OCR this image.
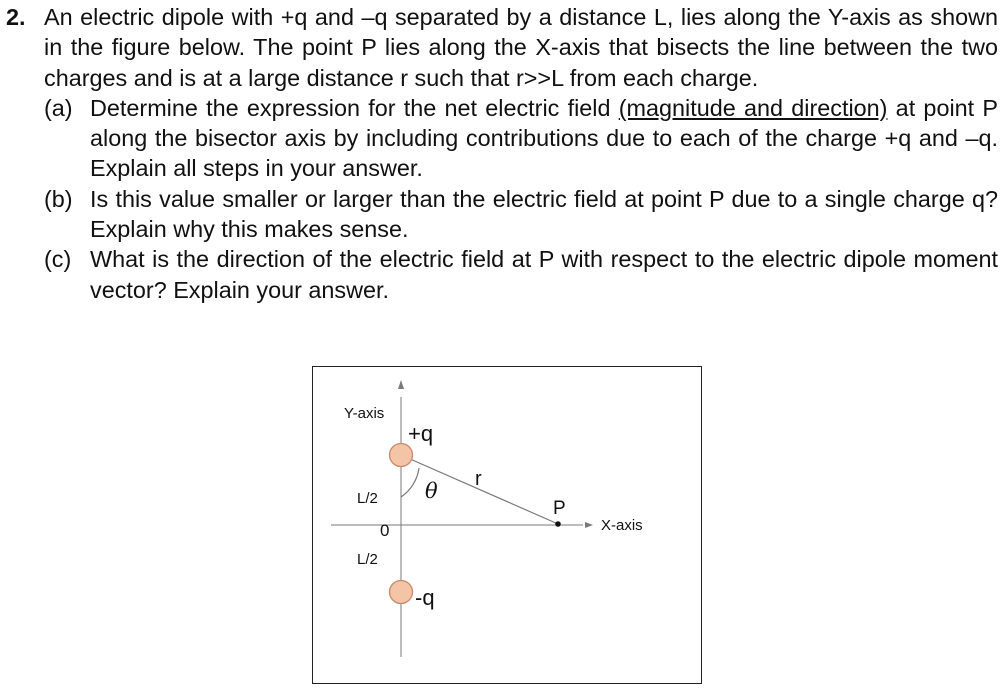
2. An electric dipole with +q and –q separated by a distance L, lies along the Y-axis as shown in the figure below. The point P lies along the X-axis that bisects the line between the two charges and is at a large distance r such that r>>L from each charge.
(a) Determine the expression for the net electric field (magnitude and direction) at point P along the bisector axis by including contributions due to each of the charge +q and –q. Explain all steps in your answer.
(b) Is this value smaller or larger than the electric field at point P due to a single charge q? Explain why this makes sense.
(c) What is the direction of the electric field at P with respect to the electric dipole moment vector? Explain your answer.
Y-axis
+q
r
θ
L/2	P
X-axis
0
L/2
-q
